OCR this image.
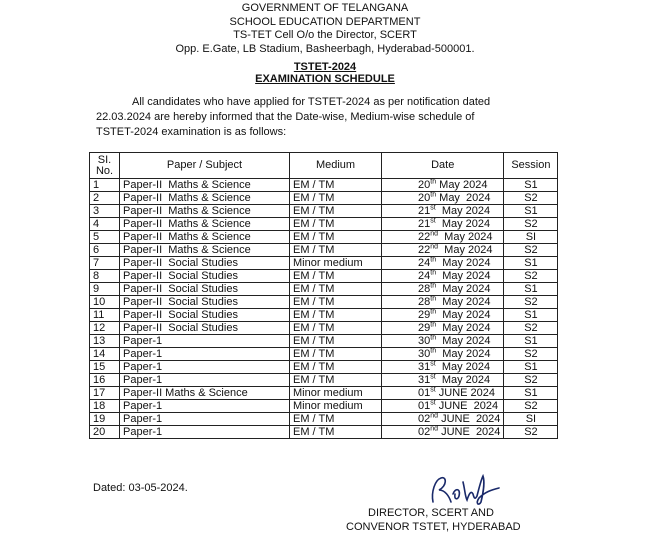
GOVERNMENT OF TELANGANA
SCHOOL EDUCATION DEPARTMENT
TS-TET Cell O/o the Director, SCERT
Opp. E.Gate, LB Stadium, Basheerbagh, Hyderabad-500001.
TSTET-2024
EXAMINATION SCHEDULE
All candidates who have applied for TSTET-2024 as per notification dated
22.03.2024 are hereby informed that the Date-wise, Medium-wise schedule of
TSTET-2024 examination is as follows:
SI.
No.	Paper / Subject	Medium	Date	Session
1	Paper-II  Maths & Science	EM / TM	20th May 2024	S1
2	Paper-II  Maths & Science	EM / TM	20th May  2024	S2
3	Paper-II  Maths & Science	EM / TM	21st  May 2024	S1
4	Paper-II  Maths & Science	EM / TM	21st  May 2024	S2
5	Paper-II  Maths & Science	EM / TM	22nd  May 2024	SI
6	Paper-II  Maths & Science	EM / TM	22nd  May 2024	S2
7	Paper-II  Social Studies	Minor medium	24th  May 2024	S1
8	Paper-II  Social Studies	EM / TM	24th  May 2024	S2
9	Paper-II  Social Studies	EM / TM	28th  May 2024	S1
10	Paper-II  Social Studies	EM / TM	28th  May 2024	S2
11	Paper-II  Social Studies	EM / TM	29th  May 2024	S1
12	Paper-II  Social Studies	EM / TM	29th  May 2024	S2
13	Paper-1	EM / TM	30th  May 2024	S1
14	Paper-1	EM / TM	30th  May 2024	S2
15	Paper-1	EM / TM	31st  May 2024	S1
16	Paper-1	EM / TM	31st  May 2024	S2
17	Paper-II Maths & Science	Minor medium	01st JUNE 2024	S1
18	Paper-1	Minor medium	01st JUNE  2024	S2
19	Paper-1	EM / TM	02nd JUNE  2024	SI
20	Paper-1	EM / TM	02nd JUNE  2024	S2
Dated: 03-05-2024.
DIRECTOR, SCERT AND
CONVENOR TSTET, HYDERABAD
